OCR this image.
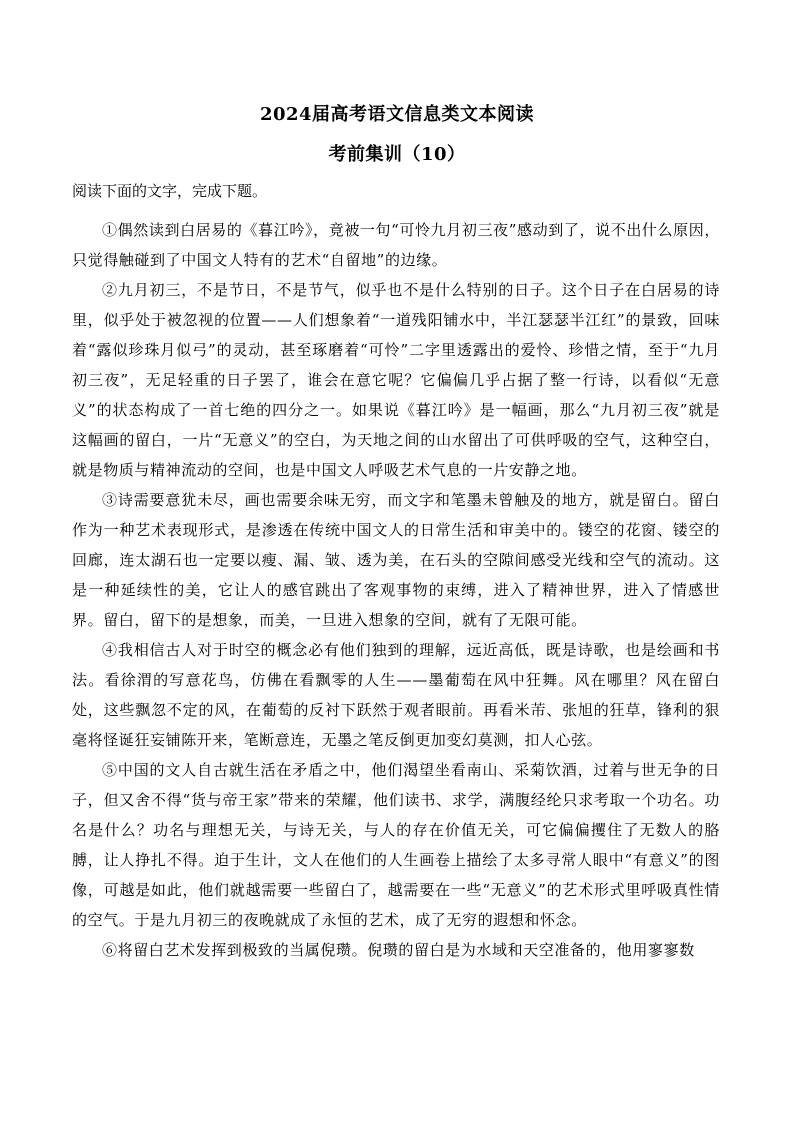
2024届高考语文信息类文本阅读
考前集训（10）
阅读下面的文字，完成下题。

①偶然读到白居易的《暮江吟》，竟被一句“可怜九月初三夜”感动到了，说不出什么原因，只觉得触碰到了中国文人特有的艺术“自留地”的边缘。

②九月初三，不是节日，不是节气，似乎也不是什么特别的日子。这个日子在白居易的诗里，似乎处于被忽视的位置——人们想象着“一道残阳铺水中，半江瑟瑟半江红”的景致，回味着“露似珍珠月似弓”的灵动，甚至琢磨着“可怜”二字里透露出的爱怜、珍惜之情，至于“九月初三夜”，无足轻重的日子罢了，谁会在意它呢？它偏偏几乎占据了整一行诗，以看似“无意义”的状态构成了一首七绝的四分之一。如果说《暮江吟》是一幅画，那么“九月初三夜”就是这幅画的留白，一片“无意义”的空白，为天地之间的山水留出了可供呼吸的空气，这种空白，就是物质与精神流动的空间，也是中国文人呼吸艺术气息的一片安静之地。

③诗需要意犹未尽，画也需要余味无穷，而文字和笔墨未曾触及的地方，就是留白。留白作为一种艺术表现形式，是渗透在传统中国文人的日常生活和审美中的。镂空的花窗、镂空的回廊，连太湖石也一定要以瘦、漏、皱、透为美，在石头的空隙间感受光线和空气的流动。这是一种延续性的美，它让人的感官跳出了客观事物的束缚，进入了精神世界，进入了情感世界。留白，留下的是想象，而美，一旦进入想象的空间，就有了无限可能。

④我相信古人对于时空的概念必有他们独到的理解，远近高低，既是诗歌，也是绘画和书法。看徐渭的写意花鸟，仿佛在看飘零的人生——墨葡萄在风中狂舞。风在哪里？风在留白处，这些飘忽不定的风，在葡萄的反衬下跃然于观者眼前。再看米芾、张旭的狂草，锋利的狠毫将怪诞狂妄铺陈开来，笔断意连，无墨之笔反倒更加变幻莫测，扣人心弦。

⑤中国的文人自古就生活在矛盾之中，他们渴望坐看南山、采菊饮酒，过着与世无争的日子，但又舍不得“货与帝王家”带来的荣耀，他们读书、求学，满腹经纶只求考取一个功名。功名是什么？功名与理想无关，与诗无关，与人的存在价值无关，可它偏偏攫住了无数人的胳膊，让人挣扎不得。迫于生计，文人在他们的人生画卷上描绘了太多寻常人眼中“有意义”的图像，可越是如此，他们就越需要一些留白了，越需要在一些“无意义”的艺术形式里呼吸真性情的空气。于是九月初三的夜晚就成了永恒的艺术，成了无穷的遐想和怀念。

⑥将留白艺术发挥到极致的当属倪瓒。倪瓒的留白是为水域和天空准备的，他用寥寥数
